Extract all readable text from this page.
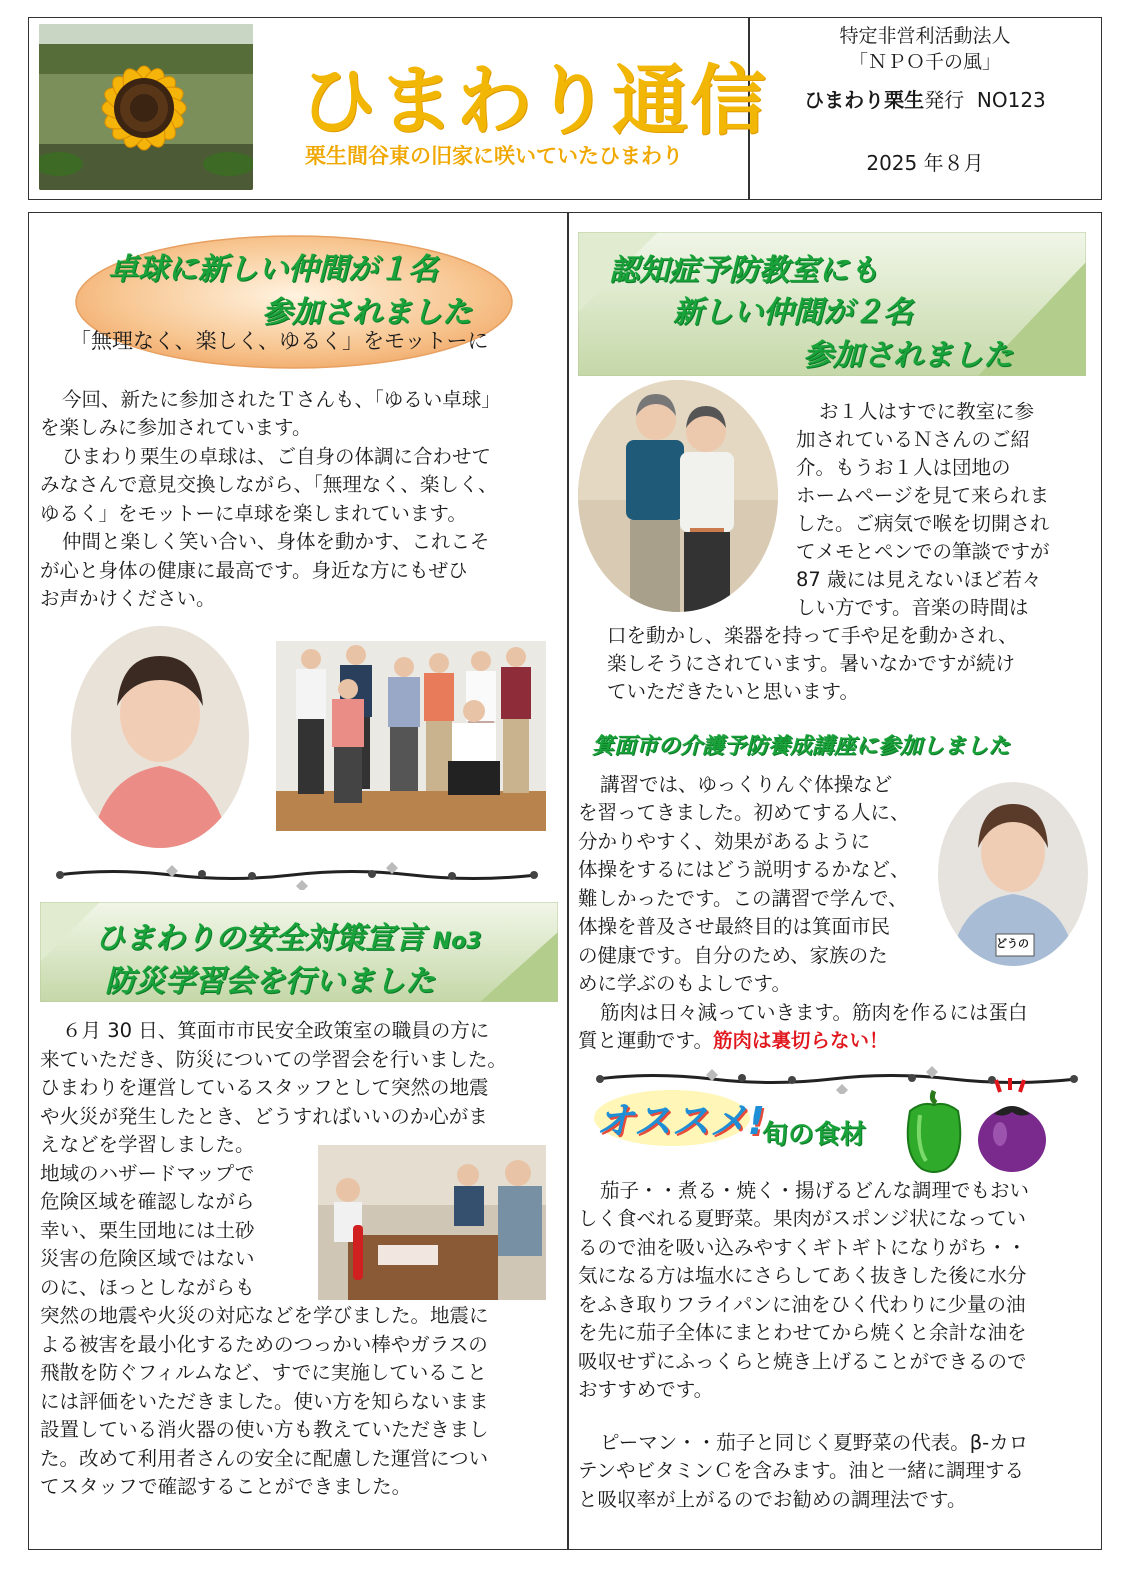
ひまわり通信
栗生間谷東の旧家に咲いていたひまわり
特定非営利活動法人
「ＮＰＯ千の風」
ひまわり栗生発行 NO123
2025 年８月
卓球に新しい仲間が１名
参加されました
「無理なく、楽しく、ゆるく」をモットーに
今回、新たに参加されたＴさんも、「ゆるい卓球」
を楽しみに参加されています。
ひまわり栗生の卓球は、ご自身の体調に合わせて
みなさんで意見交換しながら、「無理なく、楽しく、
ゆるく」をモットーに卓球を楽しまれています。
仲間と楽しく笑い合い、身体を動かす、これこそ
が心と身体の健康に最高です。身近な方にもぜひ
お声かけください。
ひまわりの安全対策宣言 No3
防災学習会を行いました
６月 30 日、箕面市市民安全政策室の職員の方に
来ていただき、防災についての学習会を行いました。
ひまわりを運営しているスタッフとして突然の地震
や火災が発生したとき、どうすればいいのか心がま
えなどを学習しました。
地域のハザードマップで
危険区域を確認しながら
幸い、栗生団地には土砂
災害の危険区域ではない
のに、ほっとしながらも
突然の地震や火災の対応などを学びました。地震に
よる被害を最小化するためのつっかい棒やガラスの
飛散を防ぐフィルムなど、すでに実施していること
には評価をいただきました。使い方を知らないまま
設置している消火器の使い方も教えていただきまし
た。改めて利用者さんの安全に配慮した運営につい
てスタッフで確認することができました。
認知症予防教室にも
新しい仲間が２名
参加されました
お１人はすでに教室に参
加されているＮさんのご紹
介。もうお１人は団地の
ホームページを見て来られま
した。ご病気で喉を切開され
てメモとペンでの筆談ですが
87 歳には見えないほど若々
しい方です。音楽の時間は
口を動かし、楽器を持って手や足を動かされ、
楽しそうにされています。暑いなかですが続け
ていただきたいと思います。
箕面市の介護予防養成講座に参加しました
講習では、ゆっくりんぐ体操など
を習ってきました。初めてする人に、
分かりやすく、効果があるように
体操をするにはどう説明するかなど、
難しかったです。この講習で学んで、
体操を普及させ最終目的は箕面市民
の健康です。自分のため、家族のた
めに学ぶのもよしです。
どうの
筋肉は日々減っていきます。筋肉を作るには蛋白
質と運動です。筋肉は裏切らない！
オススメ!
旬の食材
茄子・・煮る・焼く・揚げるどんな調理でもおい
しく食べれる夏野菜。果肉がスポンジ状になってい
るので油を吸い込みやすくギトギトになりがち・・
気になる方は塩水にさらしてあく抜きした後に水分
をふき取りフライパンに油をひく代わりに少量の油
を先に茄子全体にまとわせてから焼くと余計な油を
吸収せずにふっくらと焼き上げることができるので
おすすめです。
ピーマン・・茄子と同じく夏野菜の代表。β-カロ
テンやビタミンＣを含みます。油と一緒に調理する
と吸収率が上がるのでお勧めの調理法です。
